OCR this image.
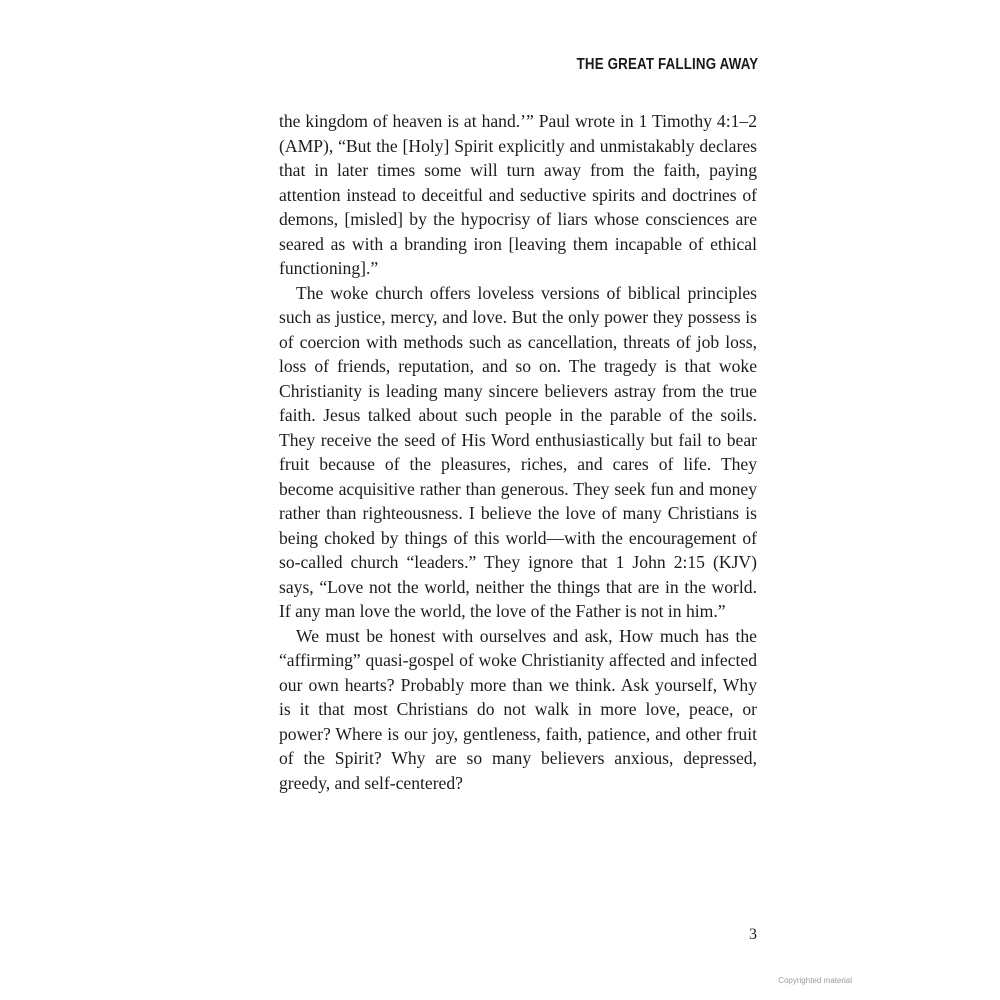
THE GREAT FALLING AWAY

the kingdom of heaven is at hand.’” Paul wrote in 1 Timothy 4:1–2 (AMP), “But the [Holy] Spirit explicitly and unmistakably declares that in later times some will turn away from the faith, paying attention instead to deceitful and seductive spirits and doctrines of demons, [misled] by the hypocrisy of liars whose consciences are seared as with a branding iron [leaving them incapable of ethical functioning].”

The woke church offers loveless versions of biblical principles such as justice, mercy, and love. But the only power they possess is of coercion with methods such as cancellation, threats of job loss, loss of friends, reputation, and so on. The tragedy is that woke Christianity is leading many sincere believers astray from the true faith. Jesus talked about such people in the parable of the soils. They receive the seed of His Word enthusiastically but fail to bear fruit because of the pleasures, riches, and cares of life. They become acquisitive rather than generous. They seek fun and money rather than righteousness. I believe the love of many Christians is being choked by things of this world—with the encouragement of so-called church “leaders.” They ignore that 1 John 2:15 (KJV) says, “Love not the world, neither the things that are in the world. If any man love the world, the love of the Father is not in him.”

We must be honest with ourselves and ask, How much has the “affirming” quasi-gospel of woke Christianity affected and infected our own hearts? Probably more than we think. Ask yourself, Why is it that most Christians do not walk in more love, peace, or power? Where is our joy, gentleness, faith, patience, and other fruit of the Spirit? Why are so many believers anxious, depressed, greedy, and self-centered?

3
Copyrighted material
